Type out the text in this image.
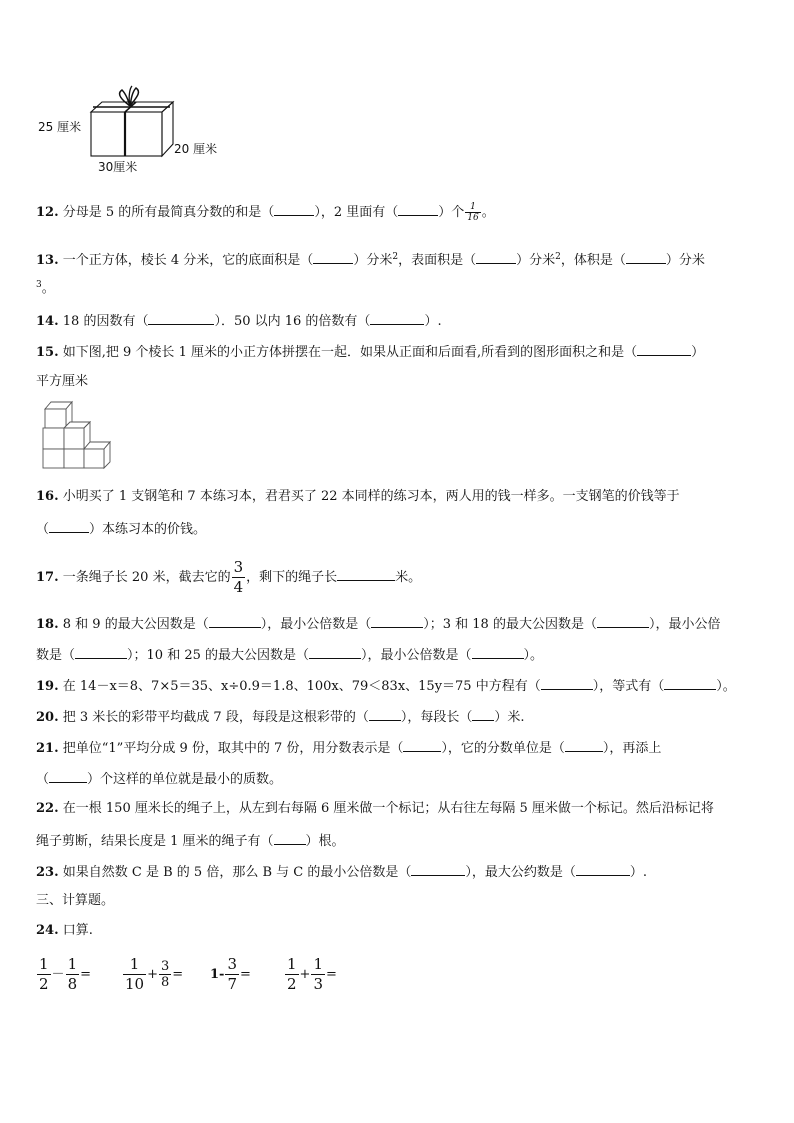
25 厘米
30厘米
20 厘米
12. 分母是 5 的所有最简真分数的和是（	），2 里面有（	）个 $\frac{1}{16}$ 。
13. 一个正方体，棱长 4 分米，它的底面积是（	）分米$^2$，表面积是（	）分米$^2$，体积是（	）分米
$^3$。
14. 18 的因数有（	）．50 以内 16 的倍数有（	）.
15. 如下图,把 9 个棱长 1 厘米的小正方体拼摆在一起．如果从正面和后面看,所看到的图形面积之和是（	）
平方厘米
16. 小明买了 1 支钢笔和 7 本练习本，君君买了 22 本同样的练习本，两人用的钱一样多。一支钢笔的价钱等于
（	）本练习本的价钱。
17. 一条绳子长 20 米，截去它的 $\frac{3}{4}$ ，剩下的绳子长	米。
18. 8 和 9 的最大公因数是（	），最小公倍数是（	）；3 和 18 的最大公因数是（	），最小公倍
数是（	）；10 和 25 的最大公因数是（	），最小公倍数是（	）。
19. 在 14－x＝8、7×5＝35、x÷0.9＝1.8、100x、79＜83x、15y＝75 中方程有（	），等式有（	）。
20. 把 3 米长的彩带平均截成 7 段，每段是这根彩带的（ ），每段长（ ）米.
21. 把单位“1”平均分成 9 份，取其中的 7 份，用分数表示是（	），它的分数单位是（	），再添上
（	）个这样的单位就是最小的质数。
22. 在一根 150 厘米长的绳子上，从左到右每隔 6 厘米做一个标记；从右往左每隔 5 厘米做一个标记。然后沿标记将
绳子剪断，结果长度是 1 厘米的绳子有（ ）根。
23. 如果自然数 C 是 B 的 5 倍，那么 B 与 C 的最小公倍数是（	），最大公约数是（	）.
三、计算题。
24. 口算.
$\frac{1}{2} - \frac{1}{8} = \frac{1}{10} + \frac{3}{8} = 1- \frac{3}{7} = \frac{1}{2} + \frac{1}{3}$ =
